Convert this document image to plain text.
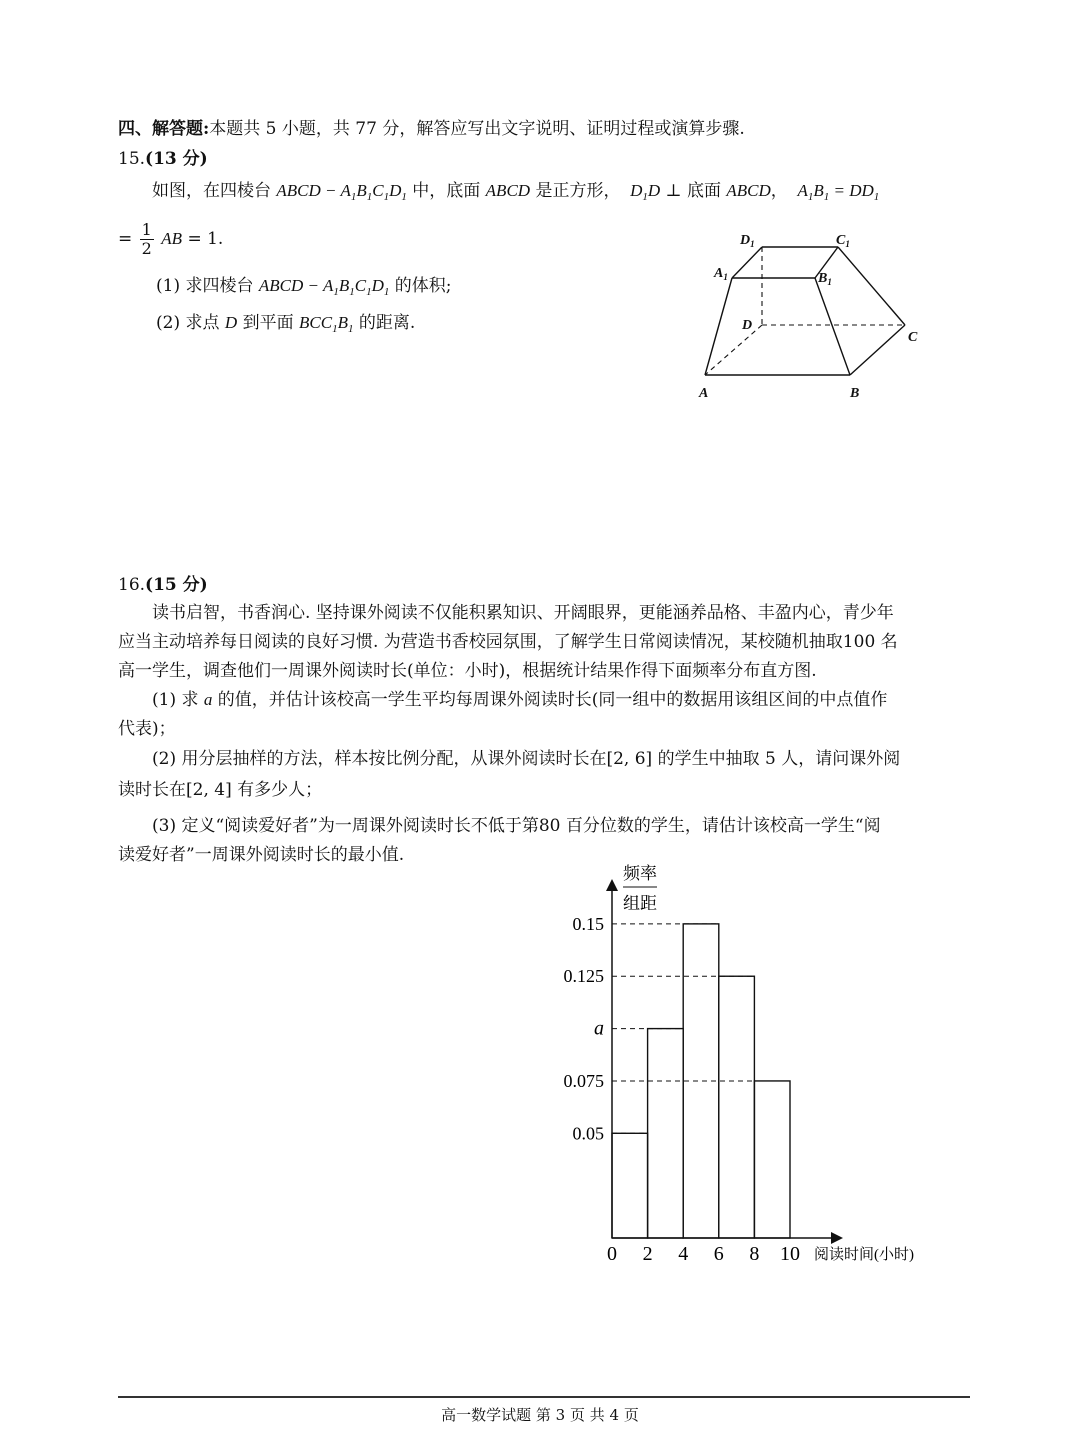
四、解答题:本题共 5 小题，共 77 分，解答应写出文字说明、证明过程或演算步骤.
15.(13 分)
如图，在四棱台 ABCD − $A_1B_1C_1D_1$ 中，底面 ABCD 是正方形，  $D_1D$ ⊥ 底面 ABCD，  $A_1B_1 = DD_1$
= $\frac{1}{2}$ AB = 1.
(1) 求四棱台 ABCD − $A_1B_1C_1D_1$ 的体积;
(2) 求点 D 到平面 $BCC_1B_1$ 的距离.
$D_1$	$C_1$
$A_1$	$B_1$
D
C
A	B
16.(15 分)
读书启智，书香润心. 坚持课外阅读不仅能积累知识、开阔眼界，更能涵养品格、丰盈内心，青少年
应当主动培养每日阅读的良好习惯. 为营造书香校园氛围，了解学生日常阅读情况，某校随机抽取100 名
高一学生，调查他们一周课外阅读时长(单位：小时)，根据统计结果作得下面频率分布直方图.
(1) 求 a 的值，并估计该校高一学生平均每周课外阅读时长(同一组中的数据用该组区间的中点值作
代表)；
(2) 用分层抽样的方法，样本按比例分配，从课外阅读时长在[2, 6] 的学生中抽取 5 人，请问课外阅
读时长在[2, 4] 有多少人；
(3) 定义“阅读爱好者”为一周课外阅读时长不低于第80 百分位数的学生，请估计该校高一学生“阅
读爱好者”一周课外阅读时长的最小值.
频率
组距
阅读时间(小时)
0.15
0.125
a
0.075
0.05
0 2 4 6 8 10
高一数学试题 第 3 页 共 4 页
